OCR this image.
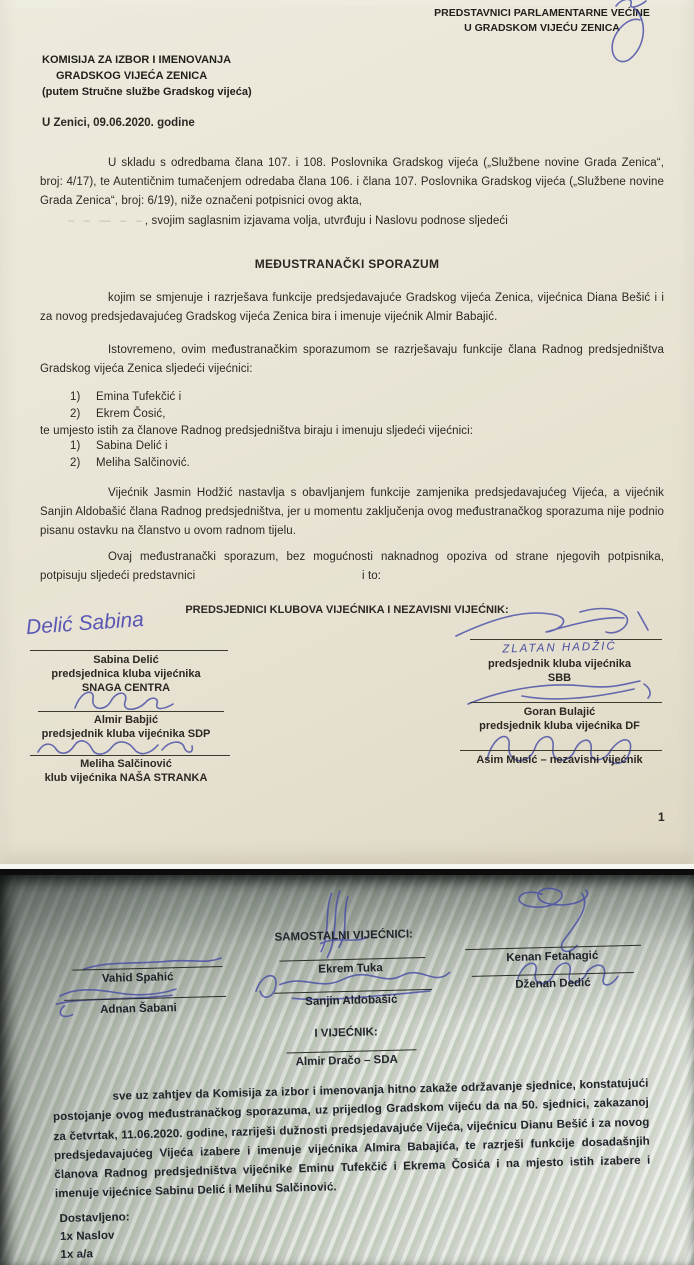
PREDSTAVNICI PARLAMENTARNE VEĆINE
U GRADSKOM VIJEĆU ZENICA
KOMISIJA ZA IZBOR I IMENOVANJA
GRADSKOG VIJEĆA ZENICA
(putem Stručne službe Gradskog vijeća)
U Zenici, 09.06.2020. godine
U skladu s odredbama člana 107. i 108. Poslovnika Gradskog vijeća („Službene novine Grada Zenica“, broj: 4/17), te Autentičnim tumačenjem odredaba člana 106. i člana 107. Poslovnika Gradskog vijeća („Službene novine Grada Zenica“, broj: 6/19), niže označeni potpisnici ovog akta,
– – — – –, svojim saglasnim izjavama volja, utvrđuju i Naslovu podnose sljedeći
MEĐUSTRANAČKI SPORAZUM
kojim se smjenuje i razrješava funkcije predsjedavajuće Gradskog vijeća Zenica, vijećnica Diana Bešić i i za novog predsjedavajućeg Gradskog vijeća Zenica bira i imenuje vijećnik Almir Babajić.
Istovremeno, ovim međustranačkim sporazumom se razrješavaju funkcije člana Radnog predsjedništva Gradskog vijeća Zenica sljedeći vijećnici:
1) Emina Tufekčić i
2) Ekrem Čosić,
te umjesto istih za članove Radnog predsjedništva biraju i imenuju sljedeći vijećnici:
1) Sabina Delić i
2) Meliha Salčinović.
Vijećnik Jasmin Hodžić nastavlja s obavljanjem funkcije zamjenika predsjedavajućeg Vijeća, a vijećnik Sanjin Aldobašić člana Radnog predsjedništva, jer u momentu zaključenja ovog međustranačkog sporazuma nije podnio pisanu ostavku na članstvo u ovom radnom tijelu.
Ovaj međustranački sporazum, bez mogućnosti naknadnog opoziva od strane njegovih potpisnika, potpisuju sljedeći predstavnici	i to:
PREDSJEDNICI KLUBOVA VIJEĆNIKA I NEZAVISNI VIJEĆNIK:
Delić Sabina
Sabina Delić
predsjednica kluba vijećnika
SNAGA CENTRA
Almir Babjić
predsjednik kluba vijećnika SDP
Meliha Salčinović
klub vijećnika NAŠA STRANKA
ZLATAN HADŽIĆ
predsjednik kluba vijećnika
SBB
Goran Bulajić
predsjednik kluba vijećnika DF
Asim Musić – nezavisni vijećnik
1
SAMOSTALNI VIJEĆNICI:
Vahid Spahić
Adnan Šabani
Ekrem Tuka
Sanjin Aldobašić
Kenan Fetahagić
Dženan Dedić
I VIJEĆNIK:
Almir Dračo – SDA
sve uz zahtjev da Komisija za izbor i imenovanja hitno zakaže održavanje sjednice, konstatujući postojanje ovog međustranačkog sporazuma, uz prijedlog Gradskom vijeću da na 50. sjednici, zakazanoj za četvrtak, 11.06.2020. godine, razriješi dužnosti predsjedavajuće Vijeća, vijećnicu Dianu Bešić i za novog predsjedavajućeg Vijeća izabere i imenuje vijećnika Almira Babajića, te razrješi funkcije dosadašnjih članova Radnog predsjedništva vijećnike Eminu Tufekčić i Ekrema Čosića i na mjesto istih izabere i imenuje vijećnice Sabinu Delić i Melihu Salčinović.
Dostavljeno:
1x Naslov
1x a/a
